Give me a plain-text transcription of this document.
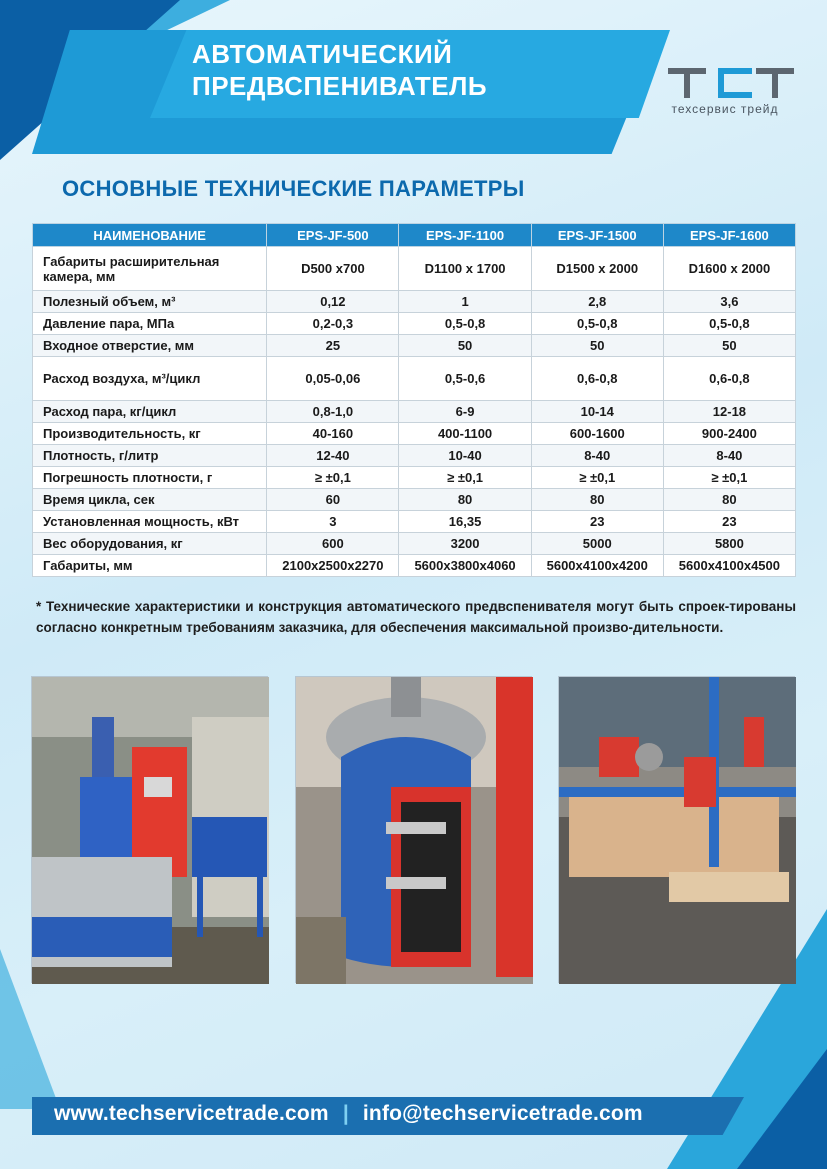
АВТОМАТИЧЕСКИЙ
ПРЕДВСПЕНИВАТЕЛЬ
техсервис трейд
ОСНОВНЫЕ ТЕХНИЧЕСКИЕ ПАРАМЕТРЫ
НАИМЕНОВАНИЕ	EPS-JF-500	EPS-JF-1100	EPS-JF-1500	EPS-JF-1600
Габариты расширительная камера, мм	D500 x700	D1100 x 1700	D1500 x 2000	D1600 x 2000
Полезный объем, м³	0,12	1	2,8	3,6
Давление пара, МПа	0,2-0,3	0,5-0,8	0,5-0,8	0,5-0,8
Входное отверстие, мм	25	50	50	50
Расход воздуха, м³/цикл	0,05-0,06	0,5-0,6	0,6-0,8	0,6-0,8
Расход пара, кг/цикл	0,8-1,0	6-9	10-14	12-18
Производительность, кг	40-160	400-1100	600-1600	900-2400
Плотность, г/литр	12-40	10-40	8-40	8-40
Погрешность плотности, г	≥ ±0,1	≥ ±0,1	≥ ±0,1	≥ ±0,1
Время цикла, сек	60	80	80	80
Установленная мощность, кВт	3	16,35	23	23
Вес оборудования, кг	600	3200	5000	5800
Габариты, мм	2100x2500x2270	5600x3800x4060	5600x4100x4200	5600x4100x4500
* Технические характеристики и конструкция автоматического предвспенивателя могут быть спроек-тированы согласно конкретным требованиям заказчика, для обеспечения максимальной произво-дительности.
www.techservicetrade.com | info@techservicetrade.com
